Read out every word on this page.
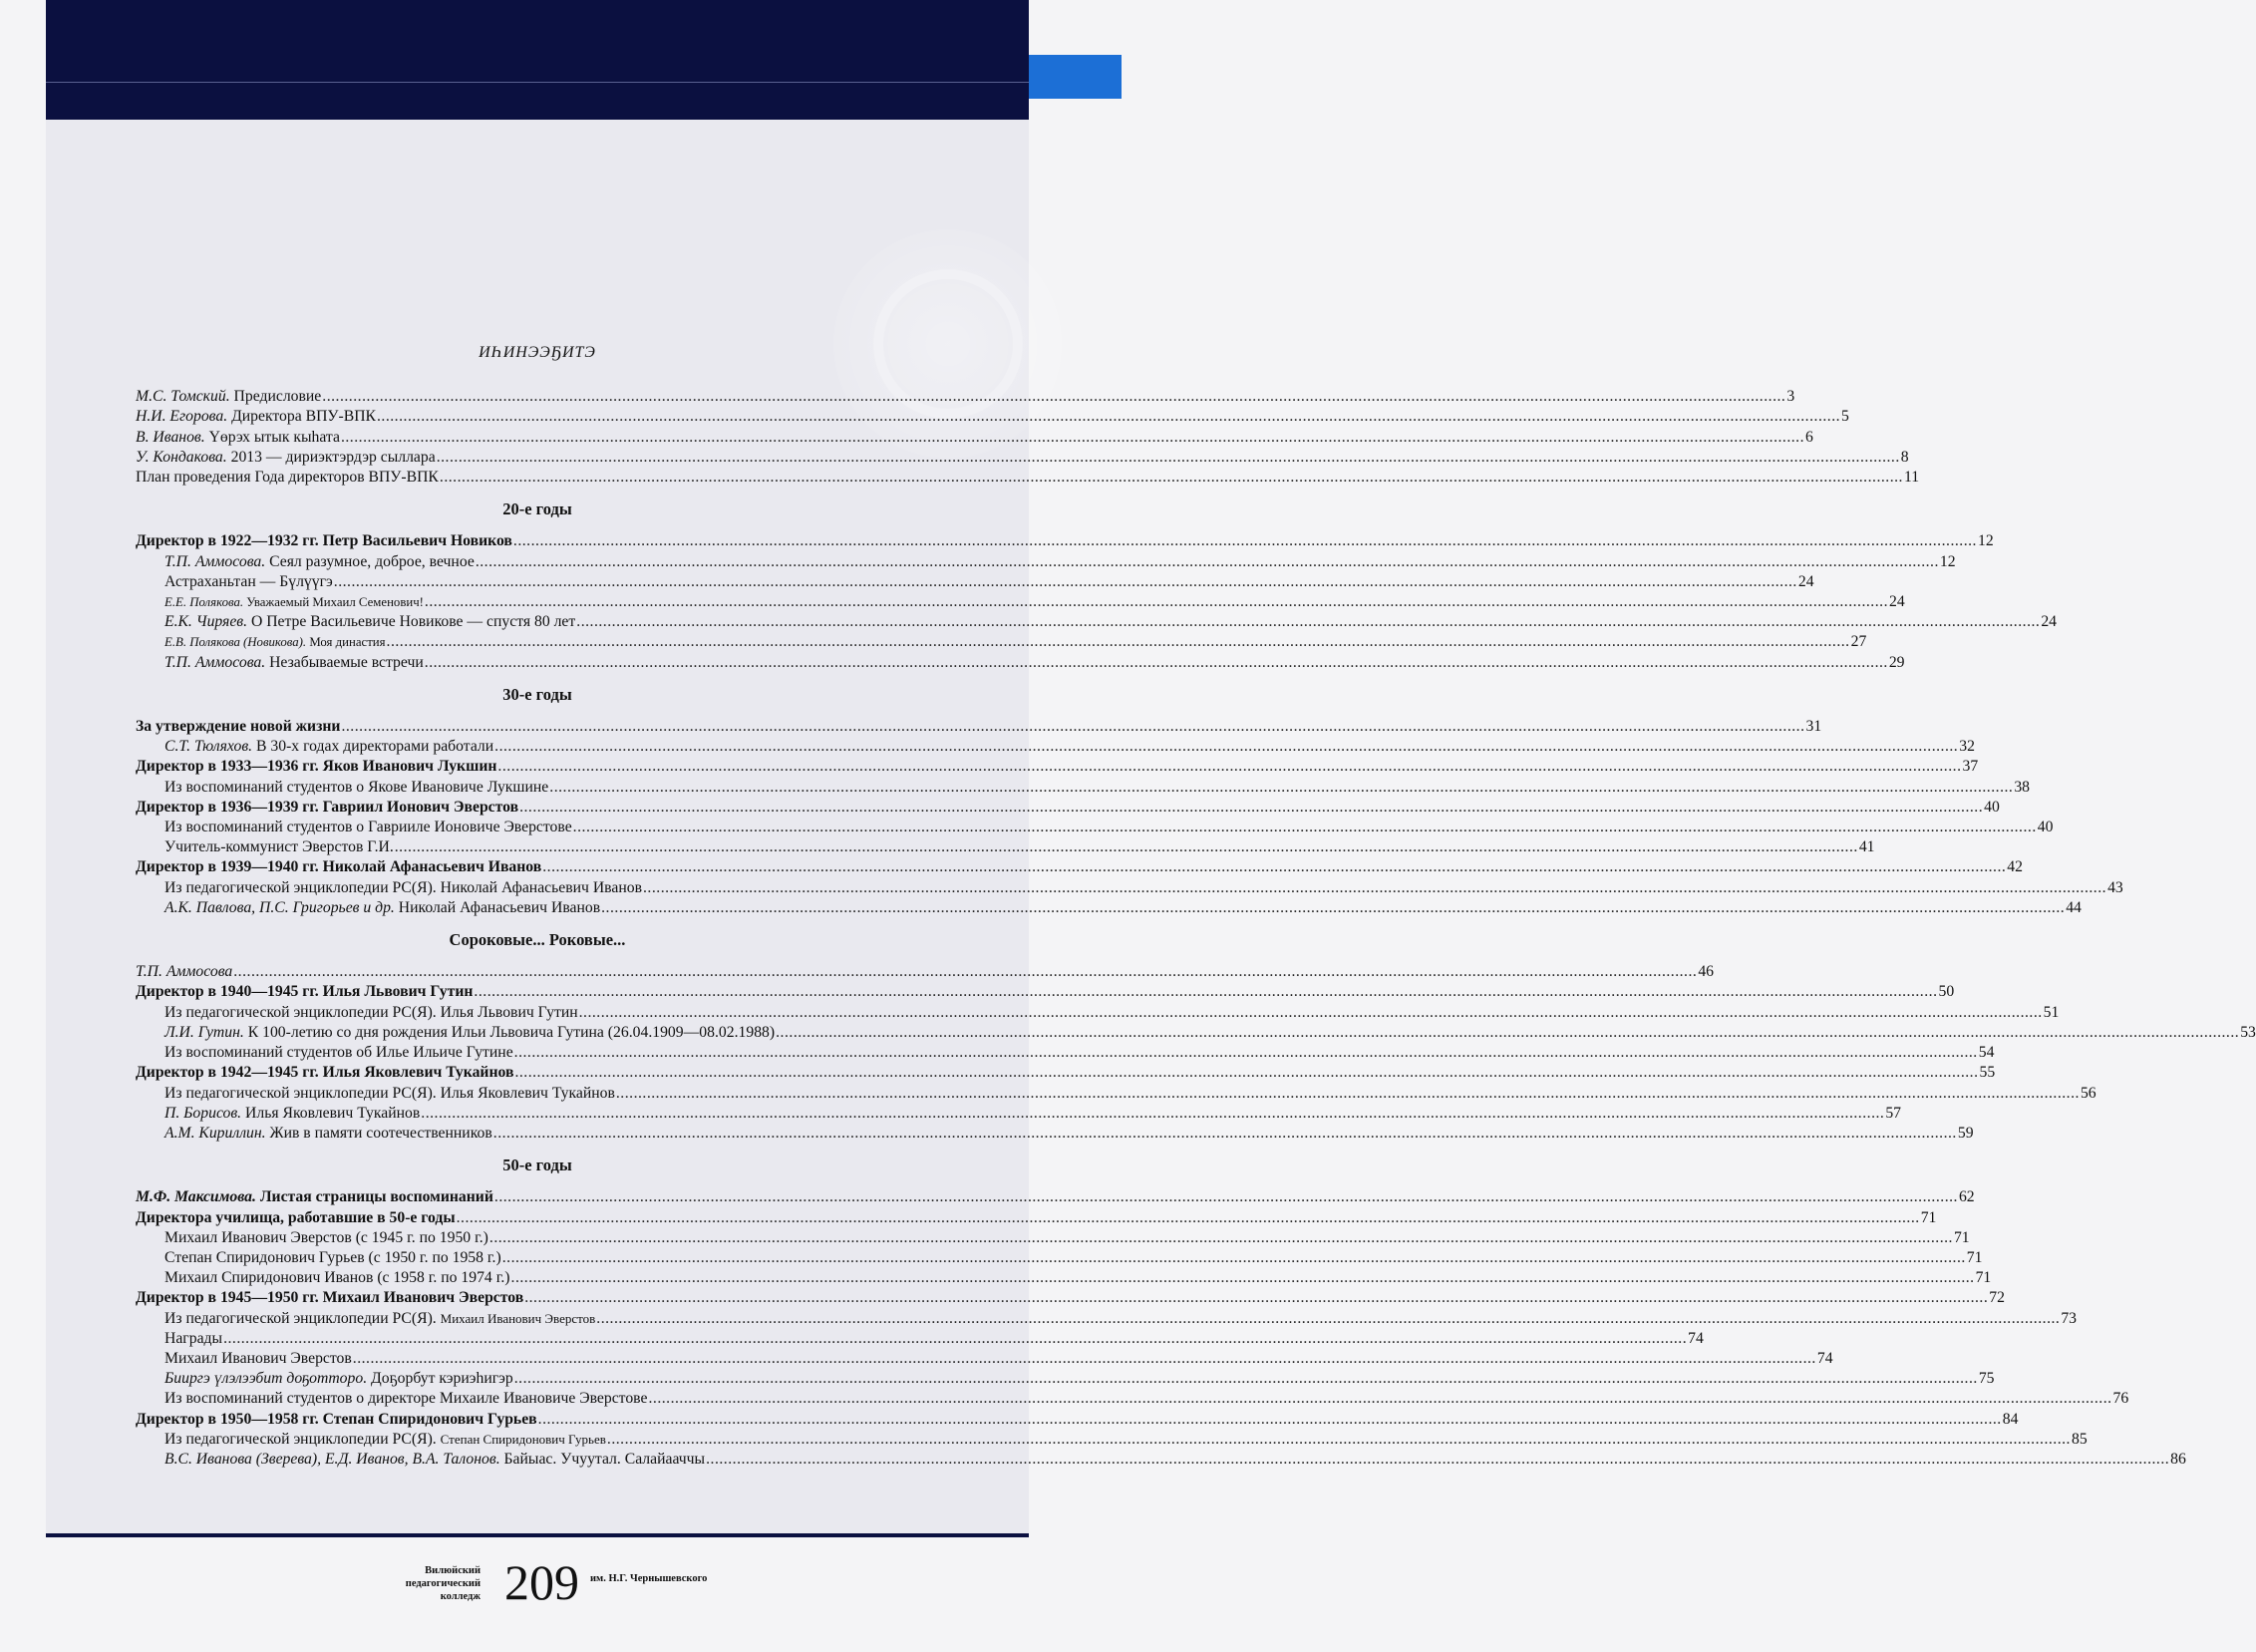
ИҺИНЭЭҔИТЭ
М.С. Томский. Предисловие .....	3
Н.И. Егорова. Директора ВПУ-ВПК .....	5
В. Иванов. Үөрэх ытык кыһата .....	6
У. Кондакова. 2013 — дириэктэрдэр сыллара .....	8
План проведения Года директоров ВПУ-ВПК .....	11
20-е годы
Директор в 1922—1932 гг. Петр Васильевич Новиков .....	12
Т.П. Аммосова. Сеял разумное, доброе, вечное .....	12
Астраханьтан — Бүлүүгэ .....	24
Е.Е. Полякова. Уважаемый Михаил Семенович! .....	24
Е.К. Чиряев. О Петре Васильевиче Новикове — спустя 80 лет .....	24
Е.В. Полякова (Новикова). Моя династия .....	27
Т.П. Аммосова. Незабываемые встречи .....	29
30-е годы
За утверждение новой жизни .....	31
С.Т. Тюляхов. В 30-х годах директорами работали .....	32
Директор в 1933—1936 гг. Яков Иванович Лукшин .....	37
Из воспоминаний студентов о Якове Ивановиче Лукшине .....	38
Директор в 1936—1939 гг. Гавриил Ионович Эверстов .....	40
Из воспоминаний студентов о Гаврииле Ионовиче Эверстове .....	40
Учитель-коммунист Эверстов Г.И. .....	41
Директор в 1939—1940 гг. Николай Афанасьевич Иванов .....	42
Из педагогической энциклопедии РС(Я). Николай Афанасьевич Иванов .....	43
А.К. Павлова, П.С. Григорьев и др. Николай Афанасьевич Иванов .....	44
Сороковые... Роковые...
Т.П. Аммосова .....	46
Директор в 1940—1945 гг. Илья Львович Гутин .....	50
Из педагогической энциклопедии РС(Я). Илья Львович Гутин .....	51
Л.И. Гутин. К 100-летию со дня рождения Ильи Львовича Гутина (26.04.1909—08.02.1988) .....	53
Из воспоминаний студентов об Илье Ильиче Гутине .....	54
Директор в 1942—1945 гг. Илья Яковлевич Тукайнов .....	55
Из педагогической энциклопедии РС(Я). Илья Яковлевич Тукайнов .....	56
П. Борисов. Илья Яковлевич Тукайнов .....	57
А.М. Кириллин. Жив в памяти соотечественников .....	59
50-е годы
М.Ф. Максимова. Листая страницы воспоминаний .....	62
Директора училища, работавшие в 50-е годы .....	71
Михаил Иванович Эверстов (с 1945 г. по 1950 г.) .....	71
Степан Спиридонович Гурьев (с 1950 г. по 1958 г.) .....	71
Михаил Спиридонович Иванов (с 1958 г. по 1974 г.) .....	71
Директор в 1945—1950 гг. Михаил Иванович Эверстов .....	72
Из педагогической энциклопедии РС(Я). Михаил Иванович Эверстов .....	73
Награды .....	74
Михаил Иванович Эверстов .....	74
Бииргэ үлэлээбит доҕотторо. Доҕорбут кэриэһигэр .....	75
Из воспоминаний студентов о директоре Михаиле Ивановиче Эверстове .....	76
Директор в 1950—1958 гг. Степан Спиридонович Гурьев .....	84
Из педагогической энциклопедии РС(Я). Степан Спиридонович Гурьев .....	85
В.С. Иванова (Зверева), Е.Д. Иванов, В.А. Талонов. Байыас. Учуутал. Салайааччы .....	86
Вилюйский
педагогический
колледж 209 им. Н.Г. Чернышевского
